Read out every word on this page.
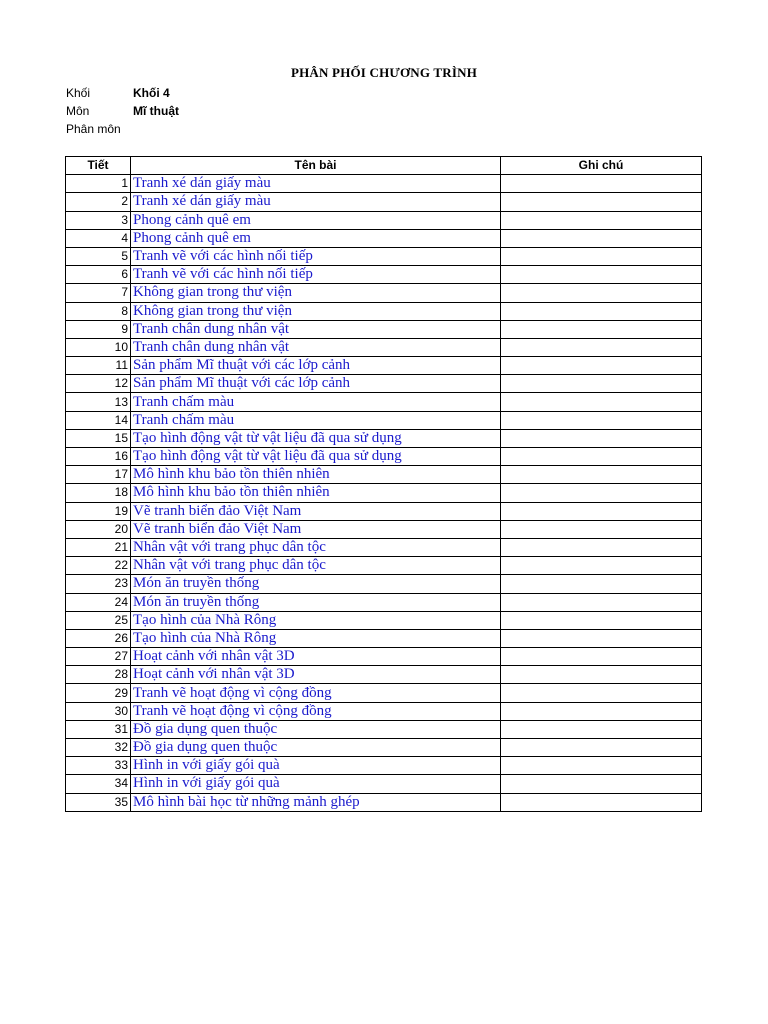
PHÂN PHỐI CHƯƠNG TRÌNH
Khối	Khối 4
Môn	Mĩ thuật
Phân môn
Tiết	Tên bài	Ghi chú
1	Tranh xé dán giấy màu	
2	Tranh xé dán giấy màu	
3	Phong cảnh quê em	
4	Phong cảnh quê em	
5	Tranh vẽ với các hình nối tiếp	
6	Tranh vẽ với các hình nối tiếp	
7	Không gian trong thư viện	
8	Không gian trong thư viện	
9	Tranh chân dung nhân vật	
10	Tranh chân dung nhân vật	
11	Sản phẩm Mĩ thuật với các lớp cảnh	
12	Sản phẩm Mĩ thuật với các lớp cảnh	
13	Tranh chấm màu	
14	Tranh chấm màu	
15	Tạo hình động vật từ vật liệu đã qua sử dụng	
16	Tạo hình động vật từ vật liệu đã qua sử dụng	
17	Mô hình khu bảo tồn thiên nhiên	
18	Mô hình khu bảo tồn thiên nhiên	
19	Vẽ tranh biển đảo Việt Nam	
20	Vẽ tranh biển đảo Việt Nam	
21	Nhân vật với trang phục dân tộc	
22	Nhân vật với trang phục dân tộc	
23	Món ăn truyền thống	
24	Món ăn truyền thống	
25	Tạo hình của Nhà Rông	
26	Tạo hình của Nhà Rông	
27	Hoạt cảnh với nhân vật 3D	
28	Hoạt cảnh với nhân vật 3D	
29	Tranh vẽ hoạt động vì cộng đồng	
30	Tranh vẽ hoạt động vì cộng đồng	
31	Đồ gia dụng quen thuộc	
32	Đồ gia dụng quen thuộc	
33	Hình in với giấy gói quà	
34	Hình in với giấy gói quà	
35	Mô hình bài học từ những mảnh ghép	
